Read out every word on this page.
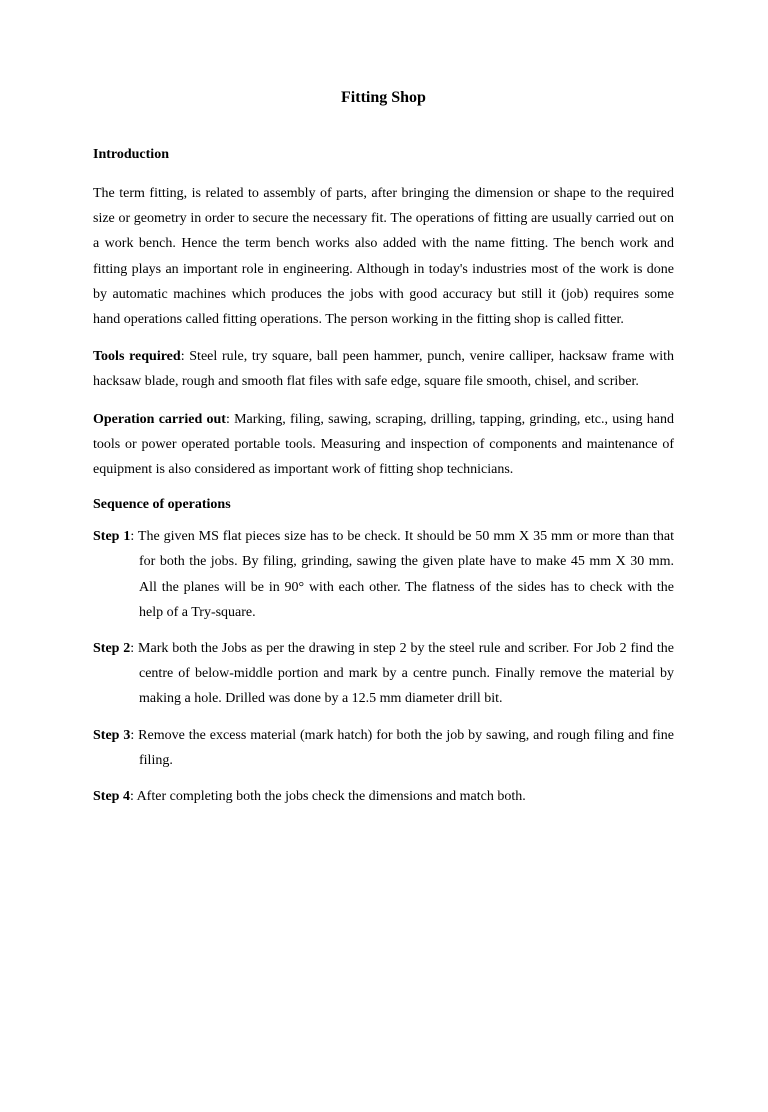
Fitting Shop
Introduction

The term fitting, is related to assembly of parts, after bringing the dimension or shape to the required size or geometry in order to secure the necessary fit. The operations of fitting are usually carried out on a work bench. Hence the term bench works also added with the name fitting. The bench work and fitting plays an important role in engineering. Although in today's industries most of the work is done by automatic machines which produces the jobs with good accuracy but still it (job) requires some hand operations called fitting operations. The person working in the fitting shop is called fitter.

Tools required: Steel rule, try square, ball peen hammer, punch, venire calliper, hacksaw frame with hacksaw blade, rough and smooth flat files with safe edge, square file smooth, chisel, and scriber.

Operation carried out: Marking, filing, sawing, scraping, drilling, tapping, grinding, etc., using hand tools or power operated portable tools. Measuring and inspection of components and maintenance of equipment is also considered as important work of fitting shop technicians.

Sequence of operations

Step 1: The given MS flat pieces size has to be check. It should be 50 mm X 35 mm or more than that for both the jobs. By filing, grinding, sawing the given plate have to make 45 mm X 30 mm. All the planes will be in 90° with each other. The flatness of the sides has to check with the help of a Try-square.

Step 2: Mark both the Jobs as per the drawing in step 2 by the steel rule and scriber. For Job 2 find the centre of below-middle portion and mark by a centre punch. Finally remove the material by making a hole. Drilled was done by a 12.5 mm diameter drill bit.

Step 3: Remove the excess material (mark hatch) for both the job by sawing, and rough filing and fine filing.

Step 4: After completing both the jobs check the dimensions and match both.
